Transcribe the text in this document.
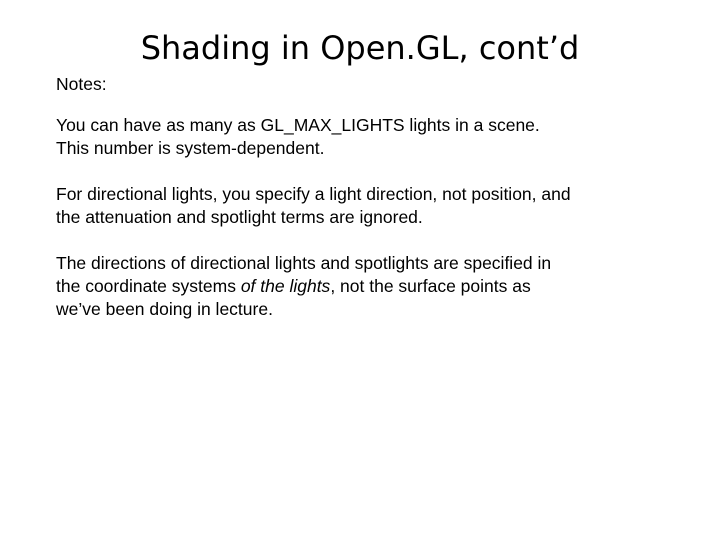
Shading in Open.GL, cont’d
Notes:
You can have as many as GL_MAX_LIGHTS lights in a scene.
This number is system-dependent.
For directional lights, you specify a light direction, not position, and
the attenuation and spotlight terms are ignored.
The directions of directional lights and spotlights are specified in
the coordinate systems of the lights, not the surface points as
we’ve been doing in lecture.
